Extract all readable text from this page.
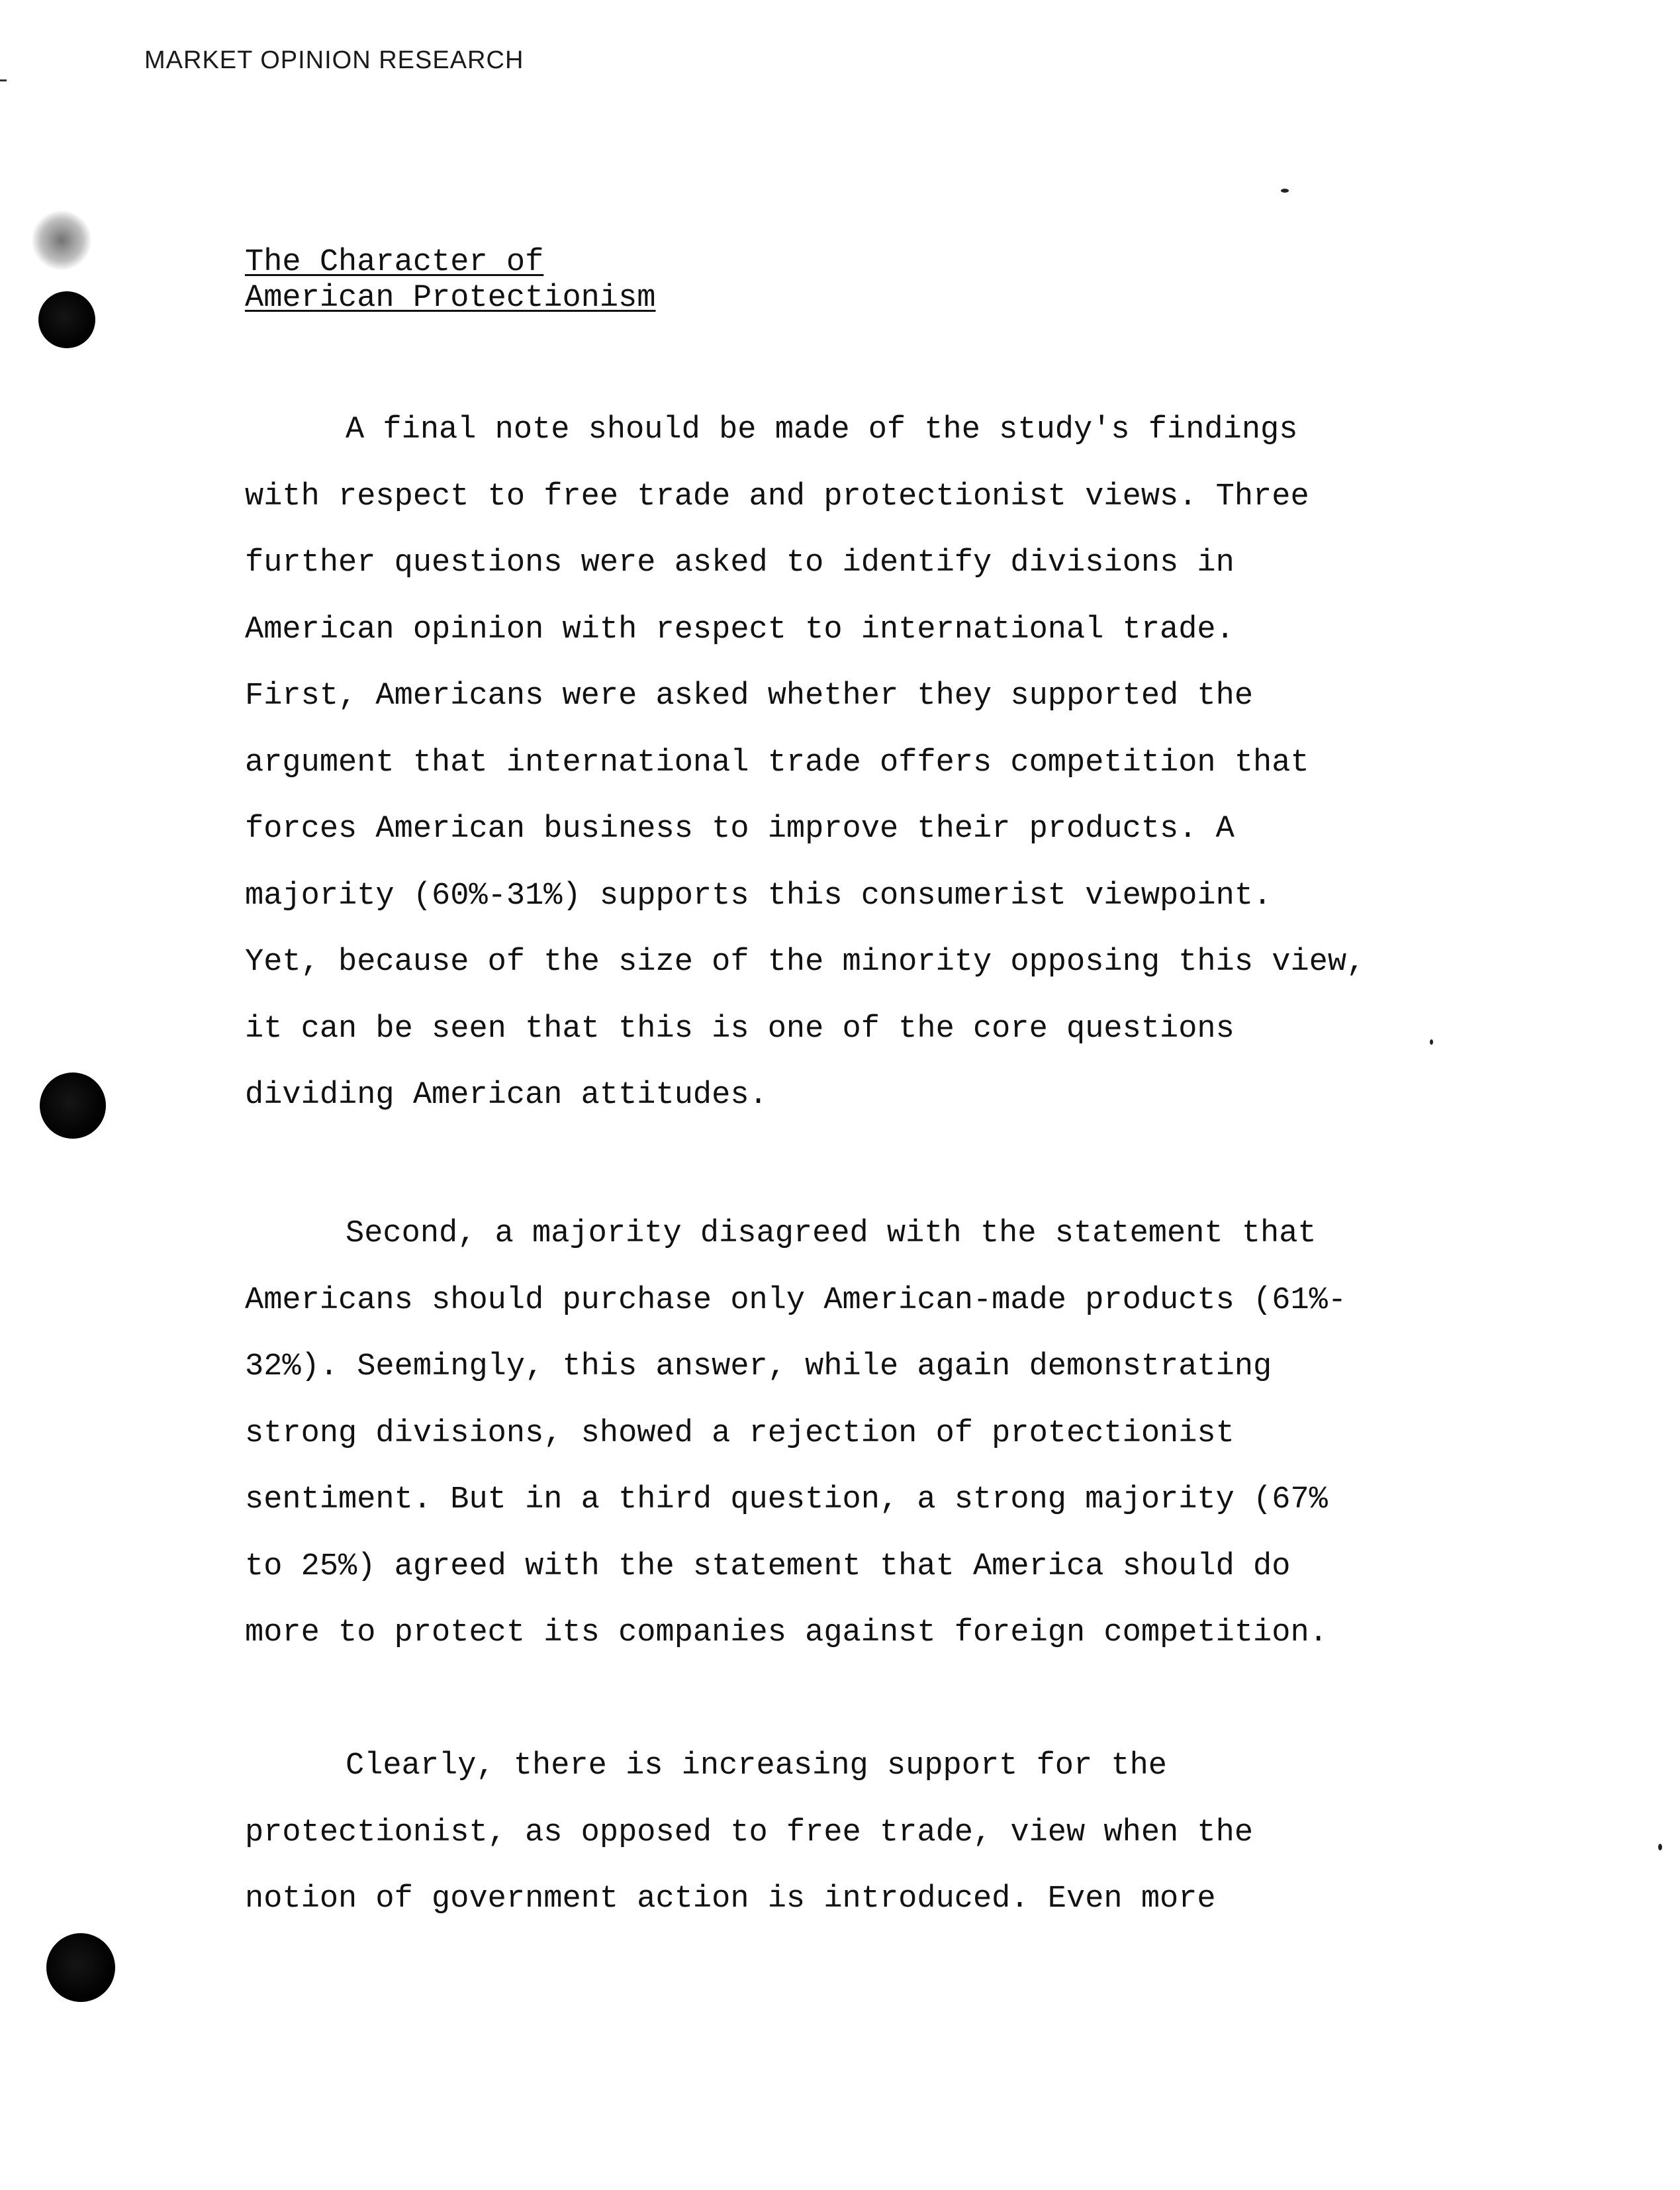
MARKET OPINION RESEARCH
The Character of
American Protectionism
A final note should be made of the study's findings
with respect to free trade and protectionist views. Three
further questions were asked to identify divisions in
American opinion with respect to international trade.
First, Americans were asked whether they supported the
argument that international trade offers competition that
forces American business to improve their products. A
majority (60%-31%) supports this consumerist viewpoint.
Yet, because of the size of the minority opposing this view,
it can be seen that this is one of the core questions
dividing American attitudes.
Second, a majority disagreed with the statement that
Americans should purchase only American-made products (61%-
32%). Seemingly, this answer, while again demonstrating
strong divisions, showed a rejection of protectionist
sentiment. But in a third question, a strong majority (67%
to 25%) agreed with the statement that America should do
more to protect its companies against foreign competition.
Clearly, there is increasing support for the
protectionist, as opposed to free trade, view when the
notion of government action is introduced. Even more
